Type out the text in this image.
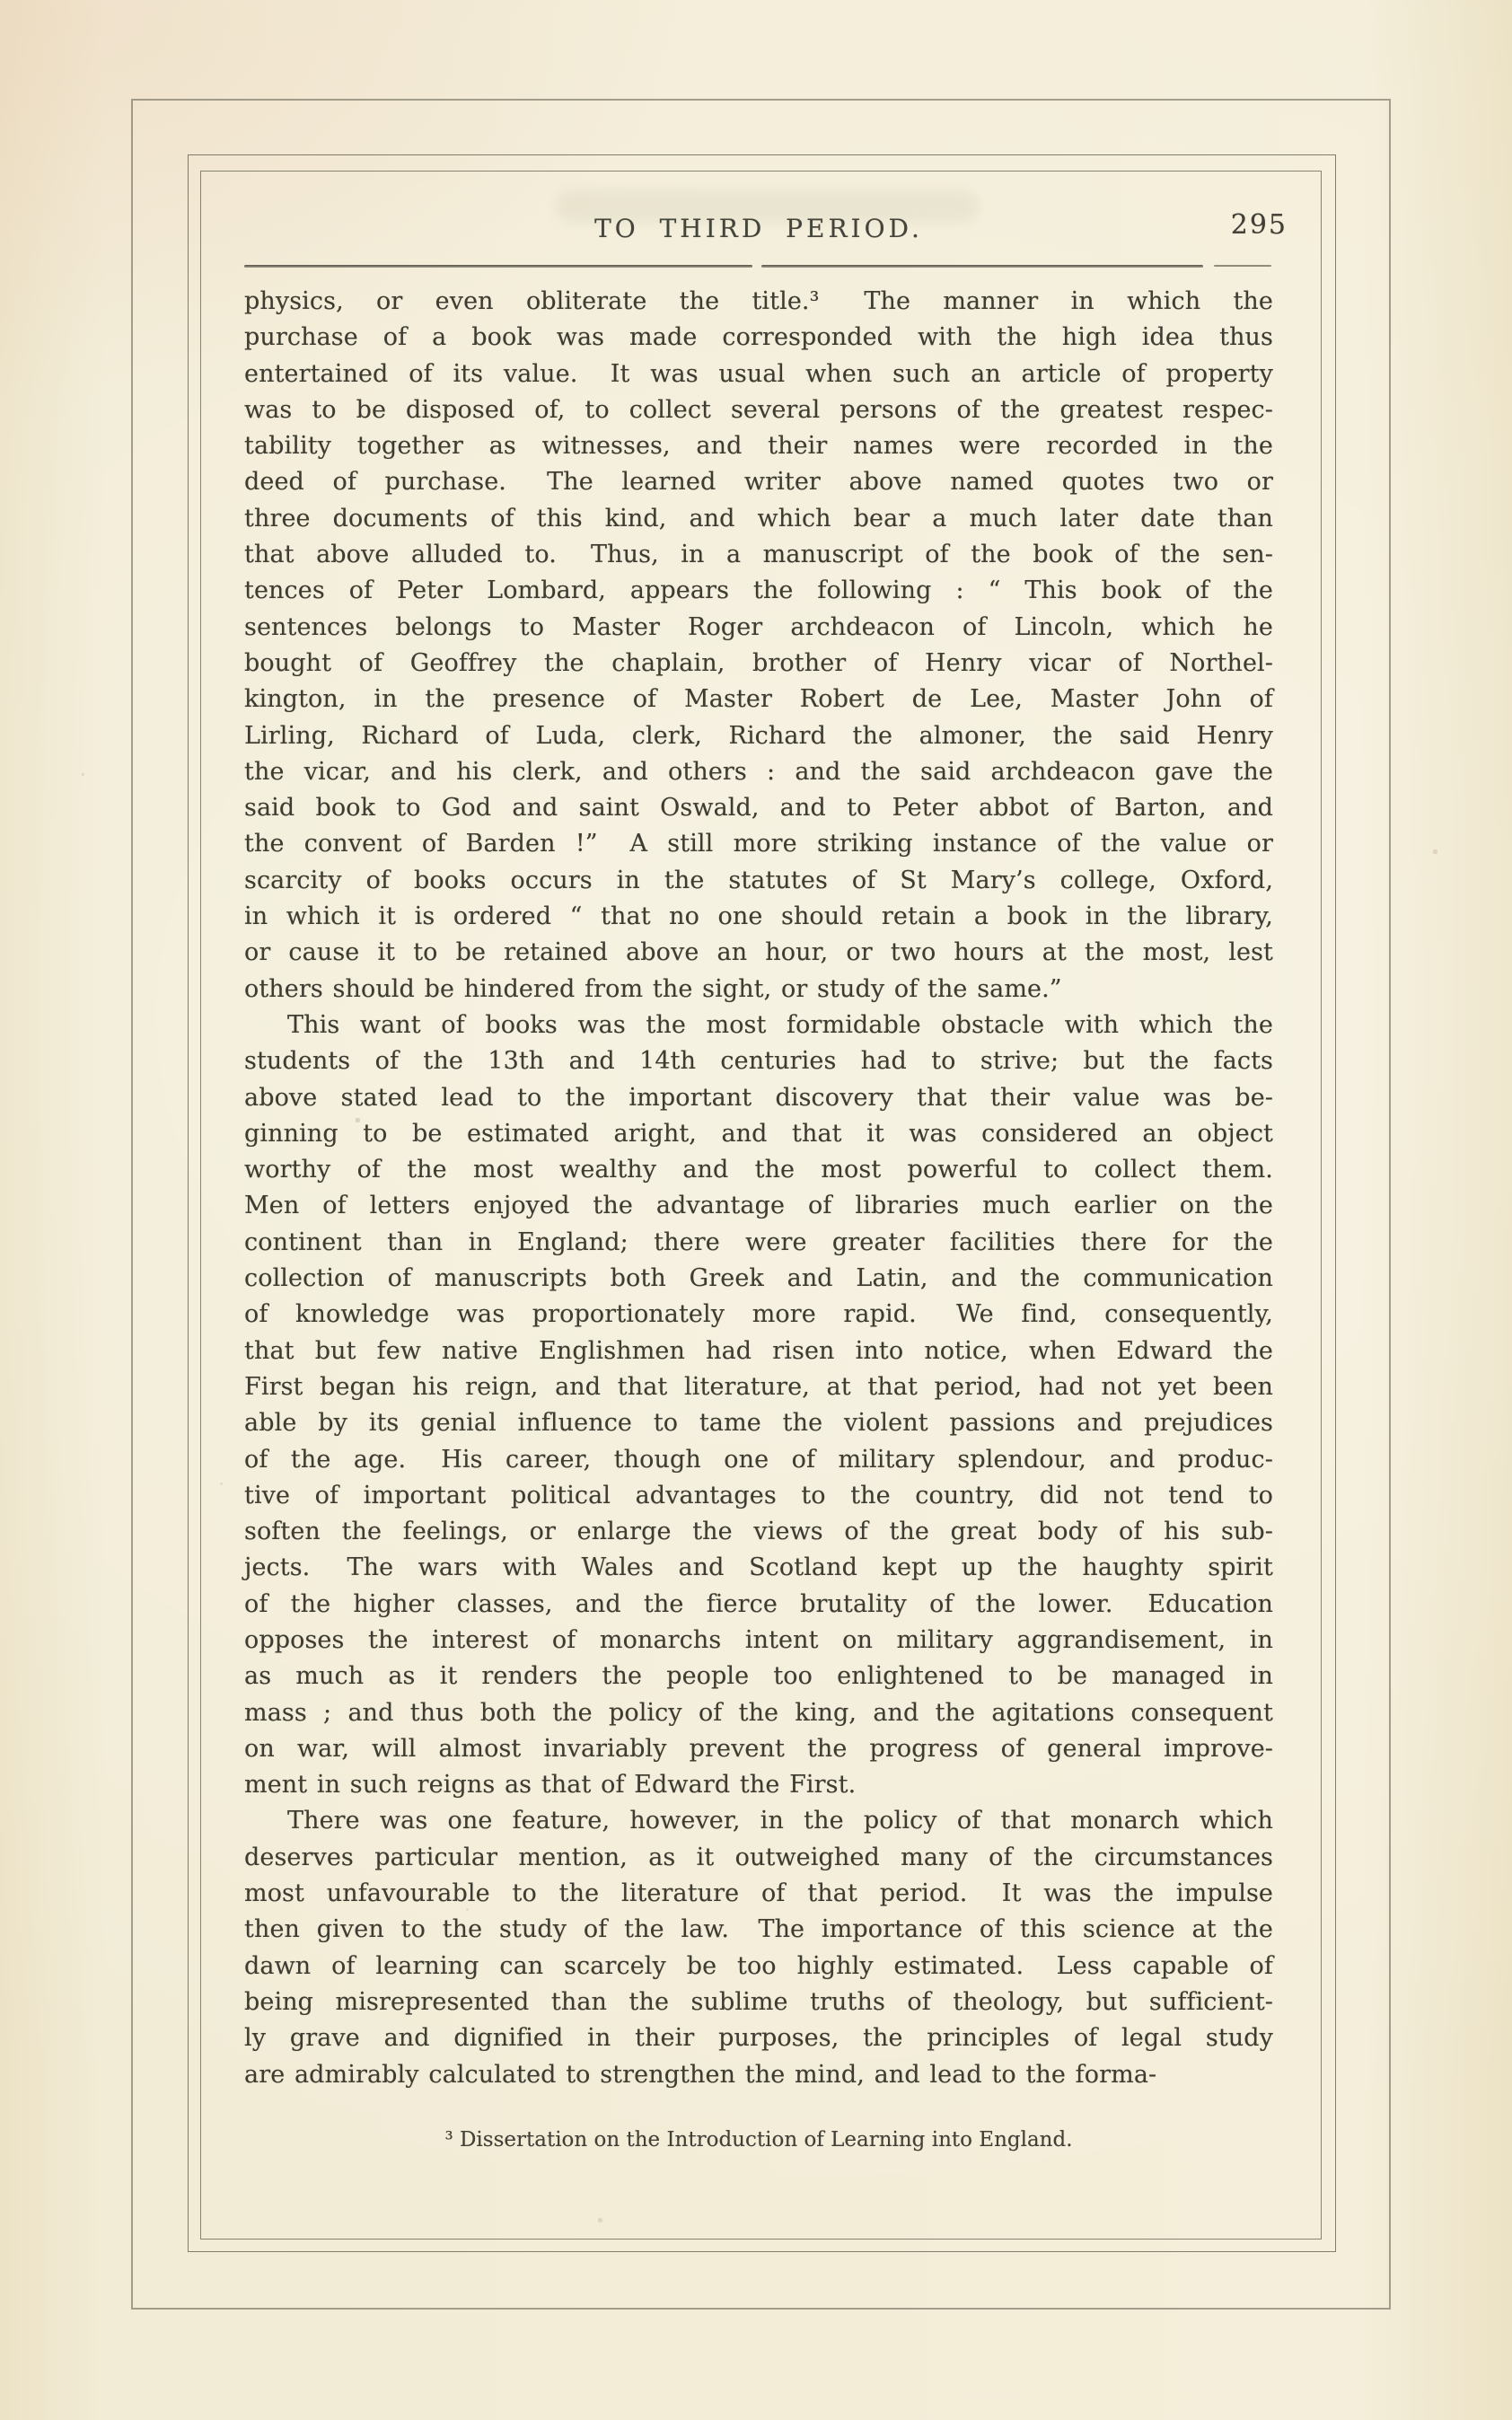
TO THIRD PERIOD.	295
physics, or even obliterate the title.³  The manner in which the
purchase of a book was made corresponded with the high idea thus
entertained of its value.  It was usual when such an article of property
was to be disposed of, to collect several persons of the greatest respec-
tability together as witnesses, and their names were recorded in the
deed of purchase.  The learned writer above named quotes two or
three documents of this kind, and which bear a much later date than
that above alluded to.  Thus, in a manuscript of the book of the sen-
tences of Peter Lombard, appears the following : “ This book of the
sentences belongs to Master Roger archdeacon of Lincoln, which he
bought of Geoffrey the chaplain, brother of Henry vicar of Northel-
kington, in the presence of Master Robert de Lee, Master John of
Lirling, Richard of Luda, clerk, Richard the almoner, the said Henry
the vicar, and his clerk, and others : and the said archdeacon gave the
said book to God and saint Oswald, and to Peter abbot of Barton, and
the convent of Barden !”  A still more striking instance of the value or
scarcity of books occurs in the statutes of St Mary’s college, Oxford,
in which it is ordered “ that no one should retain a book in the library,
or cause it to be retained above an hour, or two hours at the most, lest
others should be hindered from the sight, or study of the same.”
This want of books was the most formidable obstacle with which the
students of the 13th and 14th centuries had to strive; but the facts
above stated lead to the important discovery that their value was be-
ginning to be estimated aright, and that it was considered an object
worthy of the most wealthy and the most powerful to collect them.
Men of letters enjoyed the advantage of libraries much earlier on the
continent than in England; there were greater facilities there for the
collection of manuscripts both Greek and Latin, and the communication
of knowledge was proportionately more rapid.  We find, consequently,
that but few native Englishmen had risen into notice, when Edward the
First began his reign, and that literature, at that period, had not yet been
able by its genial influence to tame the violent passions and prejudices
of the age.  His career, though one of military splendour, and produc-
tive of important political advantages to the country, did not tend to
soften the feelings, or enlarge the views of the great body of his sub-
jects.  The wars with Wales and Scotland kept up the haughty spirit
of the higher classes, and the fierce brutality of the lower.  Education
opposes the interest of monarchs intent on military aggrandisement, in
as much as it renders the people too enlightened to be managed in
mass ; and thus both the policy of the king, and the agitations consequent
on war, will almost invariably prevent the progress of general improve-
ment in such reigns as that of Edward the First.
There was one feature, however, in the policy of that monarch which
deserves particular mention, as it outweighed many of the circumstances
most unfavourable to the literature of that period.  It was the impulse
then given to the study of the law.  The importance of this science at the
dawn of learning can scarcely be too highly estimated.  Less capable of
being misrepresented than the sublime truths of theology, but sufficient-
ly grave and dignified in their purposes, the principles of legal study
are admirably calculated to strengthen the mind, and lead to the forma-
³ Dissertation on the Introduction of Learning into England.
